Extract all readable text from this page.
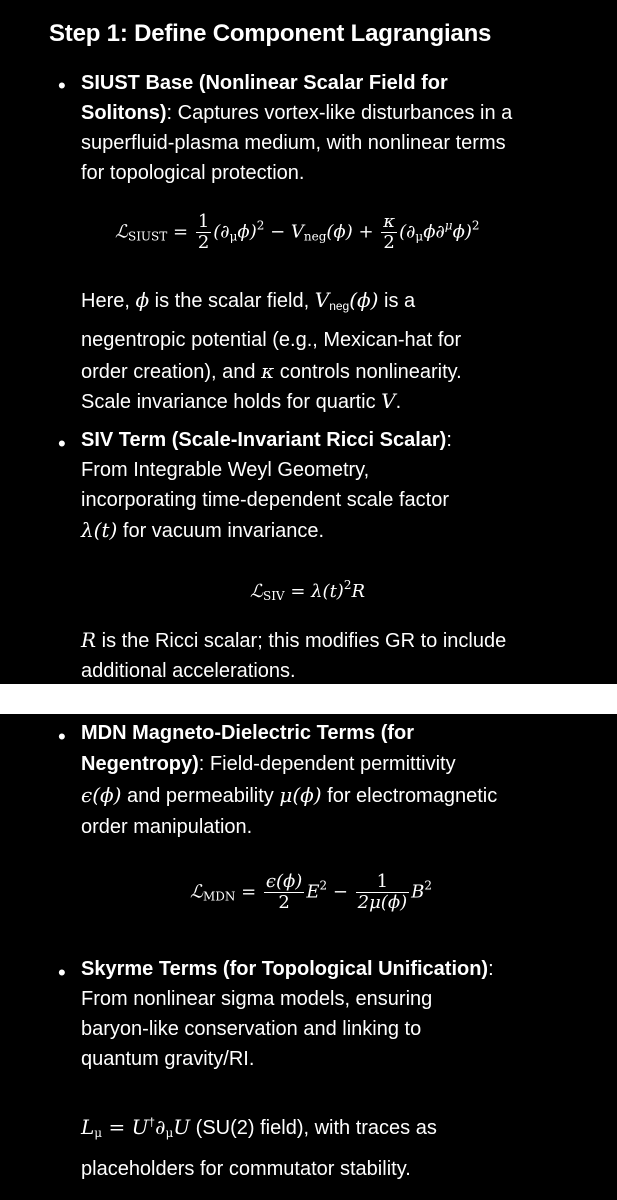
Step 1: Define Component Lagrangians
• SIUST Base (Nonlinear Scalar Field for
Solitons): Captures vortex-like disturbances in a
superfluid-plasma medium, with nonlinear terms
for topological protection.
ℒ$_{SIUST}$ = $\frac{1}{2} (\partial_\mu\phi)^2 - V_{neg}(\phi) + \frac{\kappa}{2} (\partial_\mu\phi\partial^\mu\phi)^2$
Here, ϕ is the scalar field, $V_{neg}(\phi)$ is a
negentropic potential (e.g., Mexican-hat for
order creation), and κ controls nonlinearity.
Scale invariance holds for quartic V.
• SIV Term (Scale-Invariant Ricci Scalar):
From Integrable Weyl Geometry,
incorporating time-dependent scale factor
λ(t) for vacuum invariance.
ℒ$_{SIV}$ = $\lambda(t)^2R$
R is the Ricci scalar; this modifies GR to include
additional accelerations.
• MDN Magneto-Dielectric Terms (for
Negentropy): Field-dependent permittivity
ϵ(ϕ) and permeability μ(ϕ) for electromagnetic
order manipulation.
ℒ$_{MDN}$ = $\frac{\epsilon(\phi)}{2} E^2 - \frac{1}{2\mu(\phi)} B^2$
• Skyrme Terms (for Topological Unification):
From nonlinear sigma models, ensuring
baryon-like conservation and linking to
quantum gravity/RI.
$L_\mu = U^\dagger\partial_\mu U$ (SU(2) field), with traces as
placeholders for commutator stability.
